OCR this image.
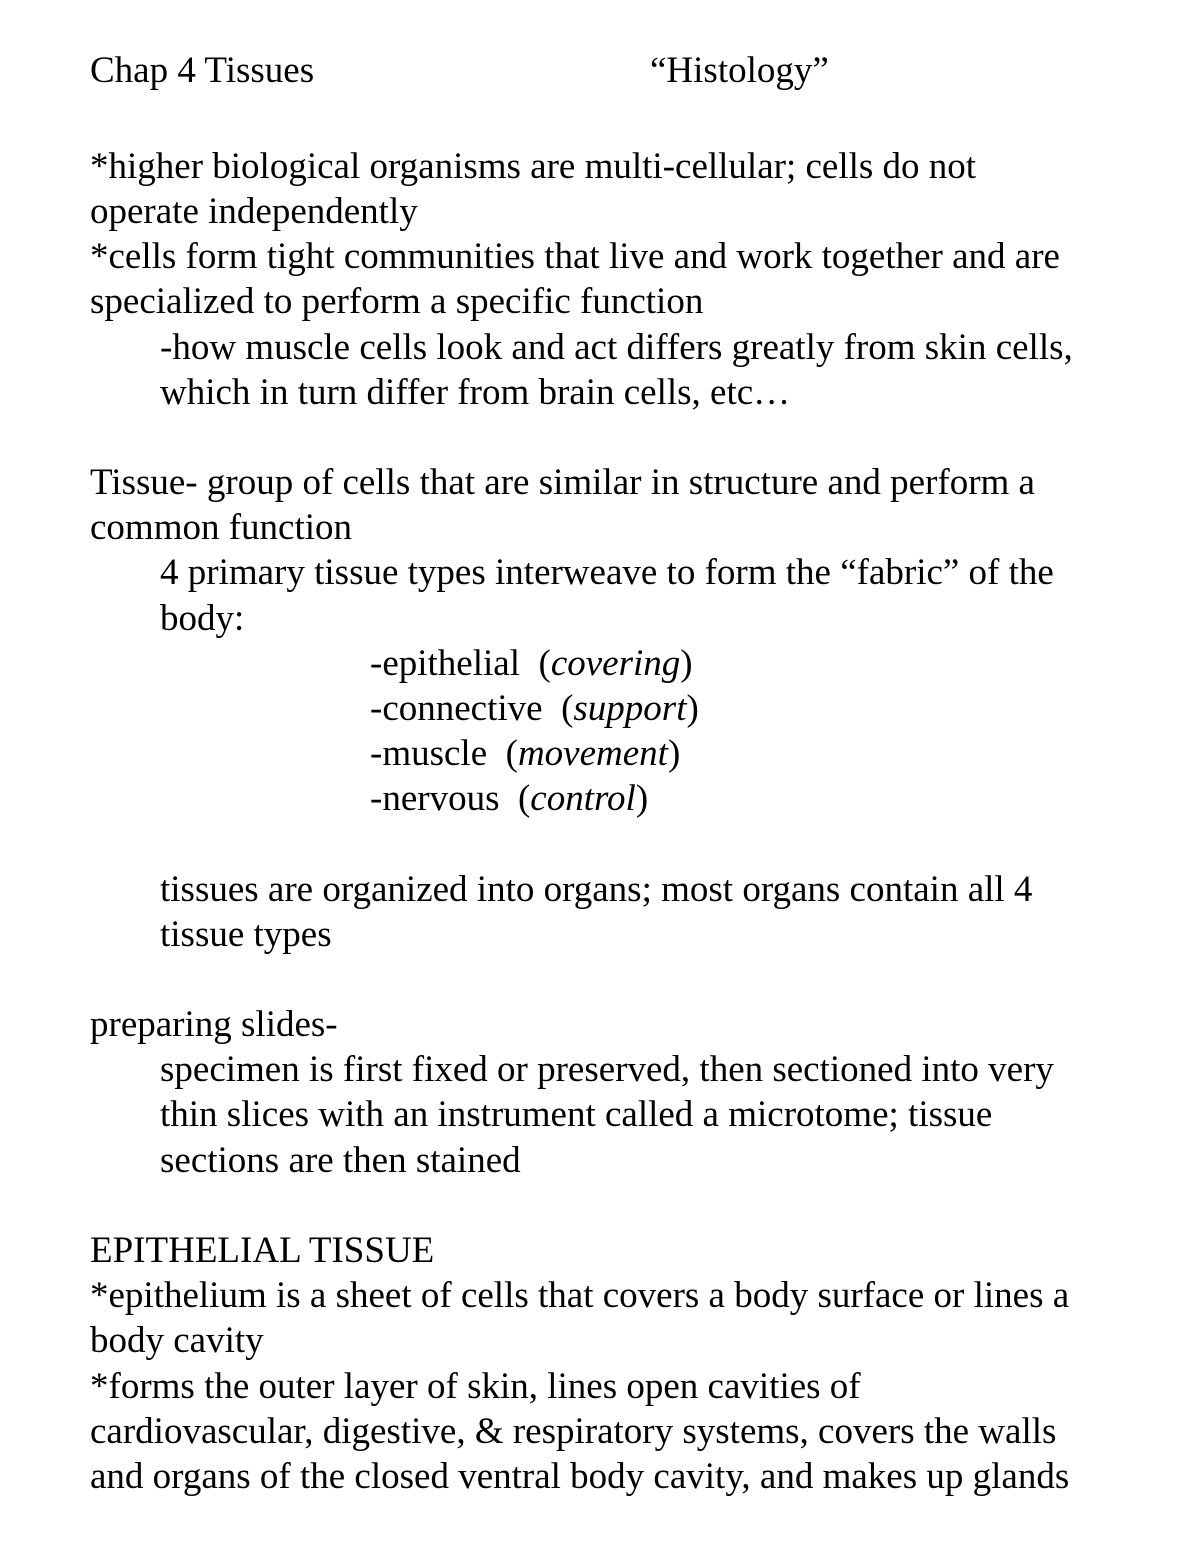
Chap 4 Tissues	“Histology”

*higher biological organisms are multi-cellular; cells do not

operate independently

*cells form tight communities that live and work together and are

specialized to perform a specific function

-how muscle cells look and act differs greatly from skin cells,

which in turn differ from brain cells, etc…

Tissue- group of cells that are similar in structure and perform a

common function

4 primary tissue types interweave to form the “fabric” of the

body:

-epithelial  (covering)

-connective  (support)

-muscle  (movement)

-nervous  (control)

tissues are organized into organs; most organs contain all 4

tissue types

preparing slides-

specimen is first fixed or preserved, then sectioned into very

thin slices with an instrument called a microtome; tissue

sections are then stained

EPITHELIAL TISSUE

*epithelium is a sheet of cells that covers a body surface or lines a

body cavity

*forms the outer layer of skin, lines open cavities of

cardiovascular, digestive, & respiratory systems, covers the walls

and organs of the closed ventral body cavity, and makes up glands
